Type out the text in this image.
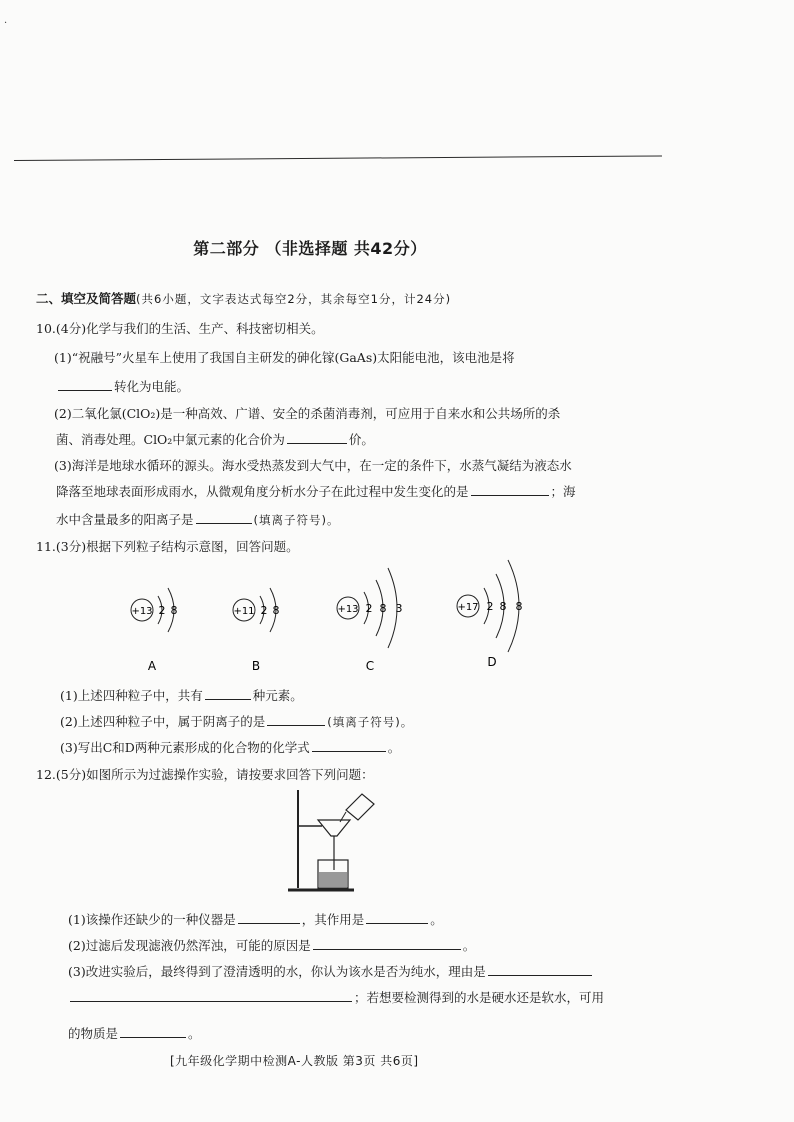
·
第二部分 （非选择题 共42分）
二、填空及简答题(共6小题，文字表达式每空2分，其余每空1分，计24分)
10.(4分)化学与我们的生活、生产、科技密切相关。
(1)“祝融号”火星车上使用了我国自主研发的砷化镓(GaAs)太阳能电池，该电池是将
转化为电能。
(2)二氧化氯(ClO₂)是一种高效、广谱、安全的杀菌消毒剂，可应用于自来水和公共场所的杀
菌、消毒处理。ClO₂中氯元素的化合价为	价。
(3)海洋是地球水循环的源头。海水受热蒸发到大气中，在一定的条件下，水蒸气凝结为液态水
降落至地球表面形成雨水，从微观角度分析水分子在此过程中发生变化的是	；海
水中含量最多的阳离子是	(填离子符号)。
11.(3分)根据下列粒子结构示意图，回答问题。
+13 2 8
A
+11 2 8
B
+13 2 8 3
C
+17 2 8 8
D
(1)上述四种粒子中，共有	种元素。
(2)上述四种粒子中，属于阴离子的是	(填离子符号)。
(3)写出C和D两种元素形成的化合物的化学式	。
12.(5分)如图所示为过滤操作实验，请按要求回答下列问题：
(1)该操作还缺少的一种仪器是	，其作用是	。
(2)过滤后发现滤液仍然浑浊，可能的原因是	。
(3)改进实验后，最终得到了澄清透明的水，你认为该水是否为纯水，理由是
；若想要检测得到的水是硬水还是软水，可用
的物质是	。
[九年级化学期中检测A-人教版 第3页 共6页]
